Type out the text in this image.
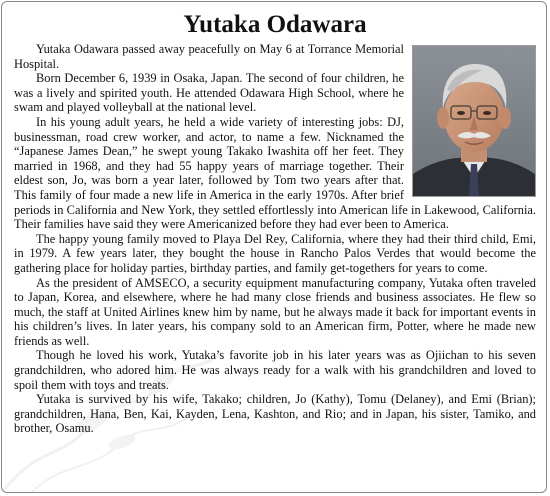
Yutaka Odawara

Yutaka Odawara passed away peacefully on May 6 at Torrance Memorial Hospital.

Born December 6, 1939 in Osaka, Japan. The second of four children, he was a lively and spirited youth. He attended Odawara High School, where he swam and played volleyball at the national level.

In his young adult years, he held a wide variety of interesting jobs: DJ, businessman, road crew worker, and actor, to name a few. Nicknamed the “Japanese James Dean,” he swept young Takako Iwashita off her feet. They married in 1968, and they had 55 happy years of marriage together. Their eldest son, Jo, was born a year later, followed by Tom two years after that. This family of four made a new life in America in the early 1970s. After brief periods in California and New York, they settled effortlessly into American life in Lakewood, California. Their families have said they were Americanized before they had ever been to America.

The happy young family moved to Playa Del Rey, California, where they had their third child, Emi, in 1979. A few years later, they bought the house in Rancho Palos Verdes that would become the gathering place for holiday parties, birthday parties, and family get-togethers for years to come.

As the president of AMSECO, a security equipment manufacturing company, Yutaka often traveled to Japan, Korea, and elsewhere, where he had many close friends and business associates. He flew so much, the staff at United Airlines knew him by name, but he always made it back for important events in his children’s lives. In later years, his company sold to an American firm, Potter, where he made new friends as well.

Though he loved his work, Yutaka’s favorite job in his later years was as Ojiichan to his seven grandchildren, who adored him. He was always ready for a walk with his grandchildren and loved to spoil them with toys and treats.

Yutaka is survived by his wife, Takako; children, Jo (Kathy), Tomu (Delaney), and Emi (Brian); grandchildren, Hana, Ben, Kai, Kayden, Lena, Kashton, and Rio; and in Japan, his sister, Tamiko, and brother, Osamu.
